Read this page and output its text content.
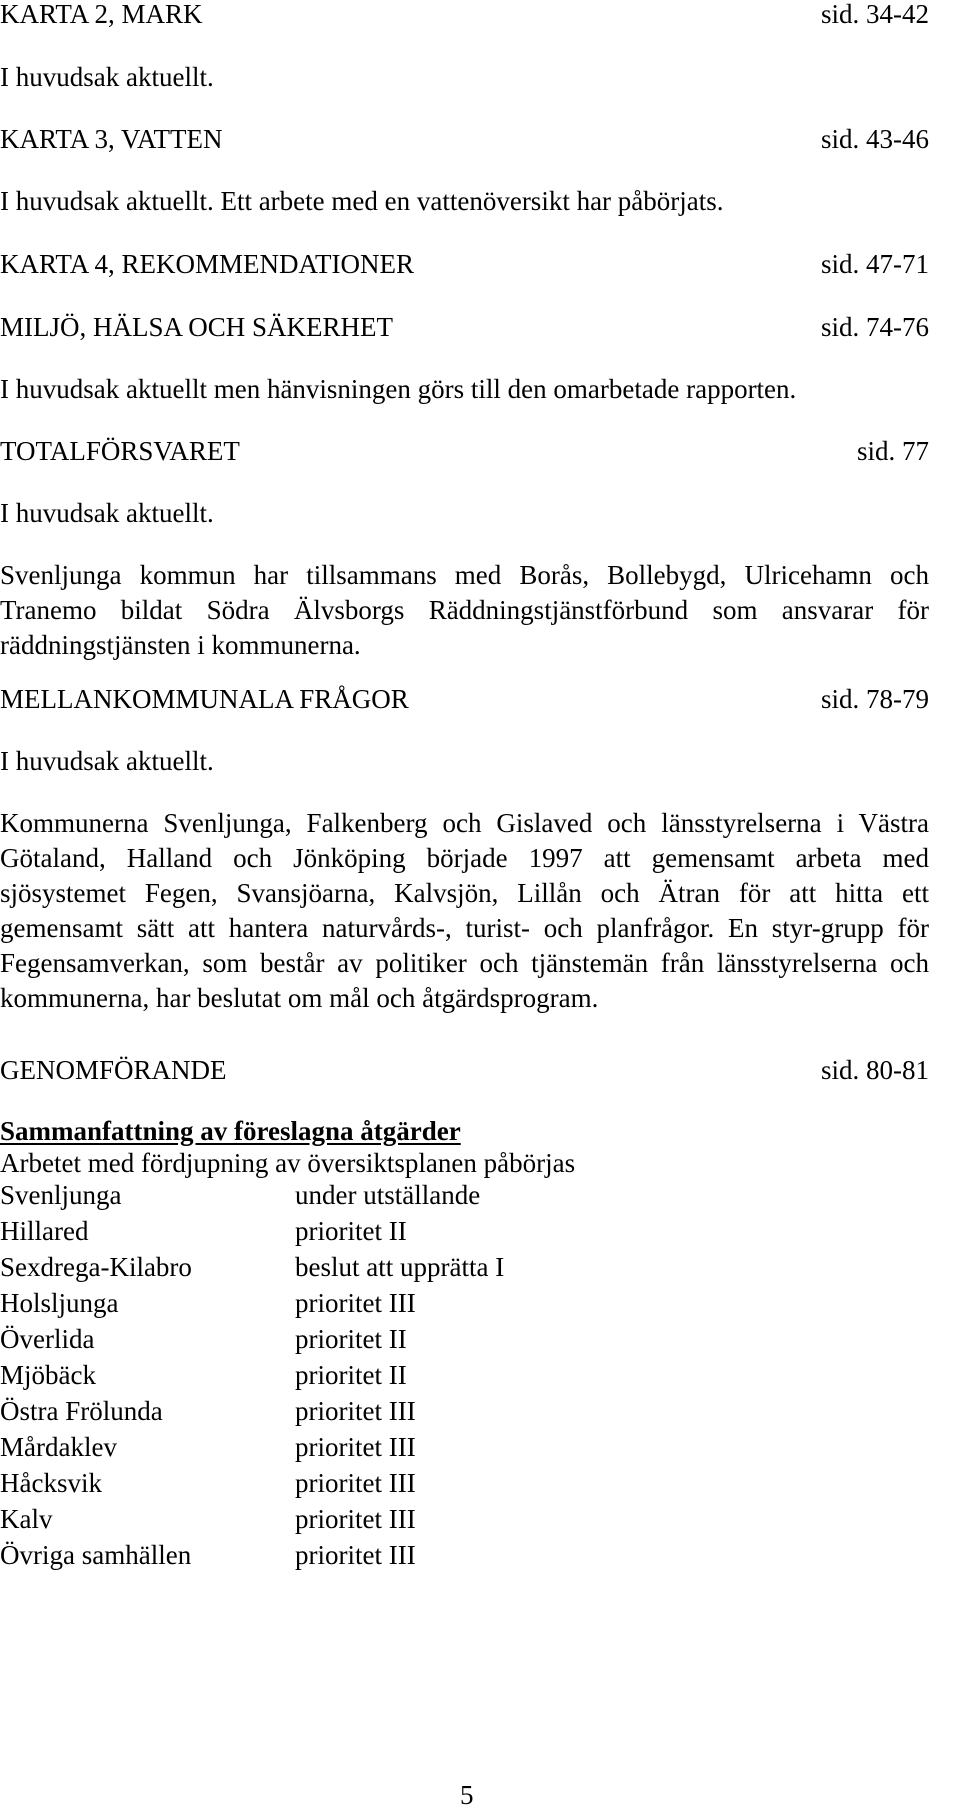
KARTA 2, MARK	sid. 34-42

I huvudsak aktuellt.

KARTA 3, VATTEN	sid. 43-46

I huvudsak aktuellt. Ett arbete med en vattenöversikt har påbörjats.

KARTA 4, REKOMMENDATIONER	sid. 47-71
MILJÖ, HÄLSA OCH SÄKERHET	sid. 74-76

I huvudsak aktuellt men hänvisningen görs till den omarbetade rapporten.

TOTALFÖRSVARET	sid. 77

I huvudsak aktuellt.

Svenljunga kommun har tillsammans med Borås, Bollebygd, Ulricehamn och Tranemo bildat Södra Älvsborgs Räddningstjänstförbund som ansvarar för räddningstjänsten i kommunerna.

MELLANKOMMUNALA FRÅGOR	sid. 78-79

I huvudsak aktuellt.

Kommunerna Svenljunga, Falkenberg och Gislaved och länsstyrelserna i Västra Götaland, Halland och Jönköping började 1997 att gemensamt arbeta med sjösystemet Fegen, Svansjöarna, Kalvsjön, Lillån och Ätran för att hitta ett gemensamt sätt att hantera naturvårds-, turist- och planfrågor. En styr-grupp för Fegensamverkan, som består av politiker och tjänstemän från länsstyrelserna och kommunerna, har beslutat om mål och åtgärdsprogram.

GENOMFÖRANDE	sid. 80-81

Sammanfattning av föreslagna åtgärder

Arbetet med fördjupning av översiktsplanen påbörjas

Svenljunga	under utställande
Hillared	prioritet II
Sexdrega-Kilabro	beslut att upprätta I
Holsljunga	prioritet III
Överlida	prioritet II
Mjöbäck	prioritet II
Östra Frölunda	prioritet III
Mårdaklev	prioritet III
Håcksvik	prioritet III
Kalv	prioritet III
Övriga samhällen	prioritet III
5
